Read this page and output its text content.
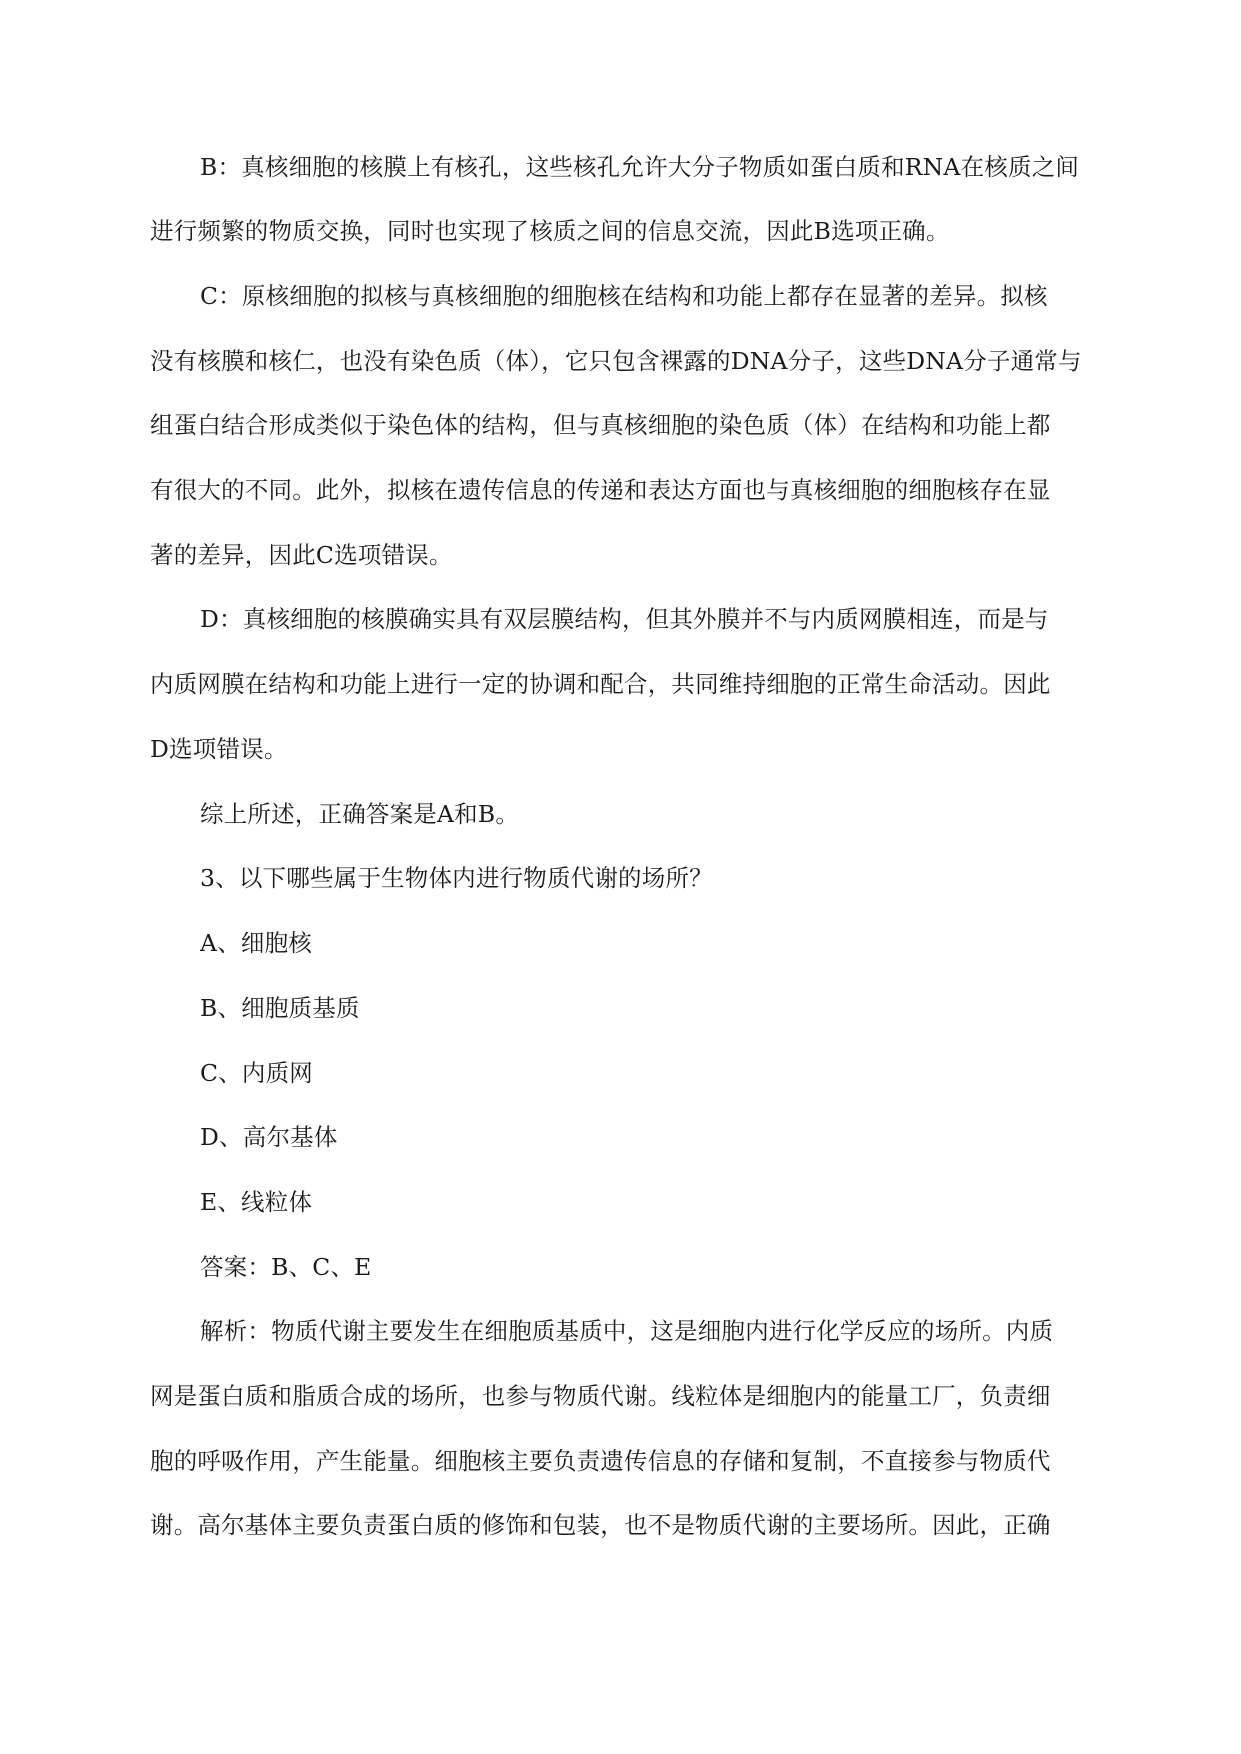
B：真核细胞的核膜上有核孔，这些核孔允许大分子物质如蛋白质和RNA在核质之间
进行频繁的物质交换，同时也实现了核质之间的信息交流，因此B选项正确。
C：原核细胞的拟核与真核细胞的细胞核在结构和功能上都存在显著的差异。拟核
没有核膜和核仁，也没有染色质（体），它只包含裸露的DNA分子，这些DNA分子通常与
组蛋白结合形成类似于染色体的结构，但与真核细胞的染色质（体）在结构和功能上都
有很大的不同。此外，拟核在遗传信息的传递和表达方面也与真核细胞的细胞核存在显
著的差异，因此C选项错误。
D：真核细胞的核膜确实具有双层膜结构，但其外膜并不与内质网膜相连，而是与
内质网膜在结构和功能上进行一定的协调和配合，共同维持细胞的正常生命活动。因此
D选项错误。
综上所述，正确答案是A和B。
3、以下哪些属于生物体内进行物质代谢的场所？
A、细胞核
B、细胞质基质
C、内质网
D、高尔基体
E、线粒体
答案：B、C、E
解析：物质代谢主要发生在细胞质基质中，这是细胞内进行化学反应的场所。内质
网是蛋白质和脂质合成的场所，也参与物质代谢。线粒体是细胞内的能量工厂，负责细
胞的呼吸作用，产生能量。细胞核主要负责遗传信息的存储和复制，不直接参与物质代
谢。高尔基体主要负责蛋白质的修饰和包装，也不是物质代谢的主要场所。因此，正确
